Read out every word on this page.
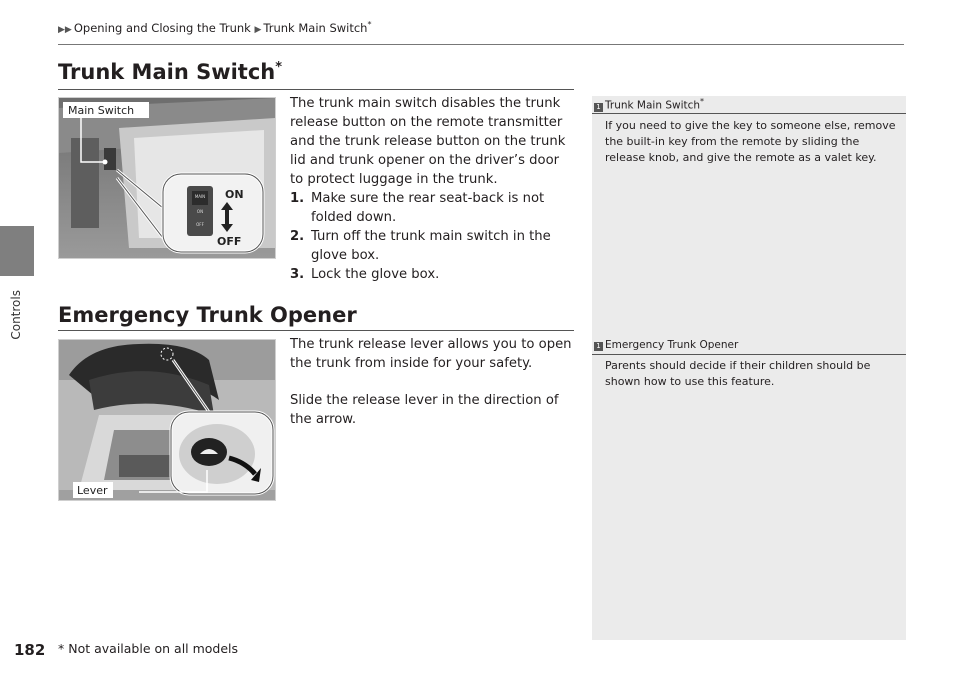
Controls
▶▶ Opening and Closing the Trunk ▶ Trunk Main Switch*
Trunk Main Switch*
MAIN
ON
OFF
ON
OFF
Main Switch	The trunk main switch disables the trunk release button on the remote transmitter and the trunk release button on the trunk lid and trunk opener on the driver’s door to protect luggage in the trunk.

1. Make sure the rear seat-back is not folded down.
2. Turn off the trunk main switch in the glove box.
3. Lock the glove box.
1 Trunk Main Switch*
If you need to give the key to someone else, remove the built-in key from the remote by sliding the release knob, and give the remote as a valet key.
Emergency Trunk Opener
Lever

The trunk release lever allows you to open the trunk from inside for your safety.

Slide the release lever in the direction of the arrow.

1 Emergency Trunk Opener
Parents should decide if their children should be shown how to use this feature.
182 * Not available on all models
